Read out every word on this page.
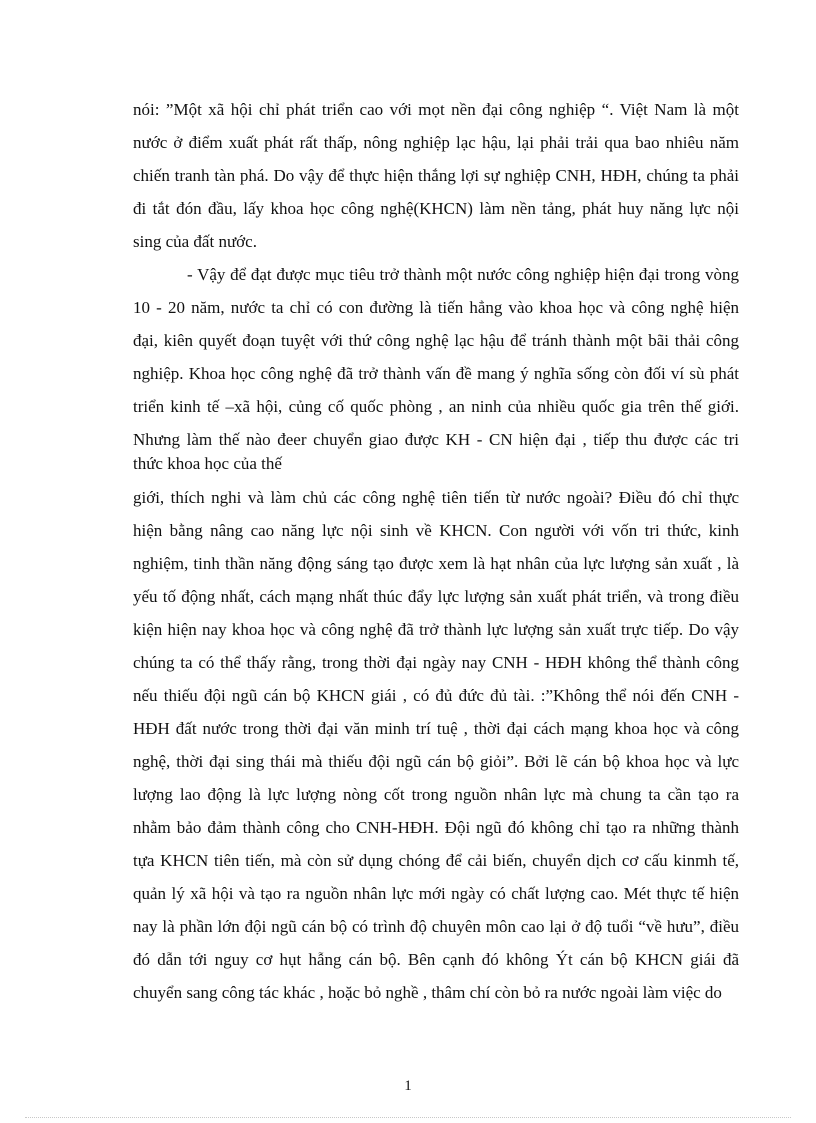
nói: ”Một xã hội chỉ phát triển cao với mọt nền đại công nghiệp “. Việt Nam là một
nước ở điểm xuất phát rất thấp, nông nghiệp lạc hậu, lại phải trải qua bao nhiêu năm
chiến tranh tàn phá. Do vậy để thực hiện thắng lợi sự nghiệp CNH, HĐH, chúng ta phải
đi tắt đón đầu, lấy khoa học công nghệ(KHCN) làm nền tảng, phát huy năng lực nội
sing của đất nước.
- Vậy để đạt được mục tiêu trở thành một nước công nghiệp hiện đại trong vòng
10 - 20 năm, nước ta chỉ có con đường là tiến hẳng vào khoa học và công nghệ hiện
đại, kiên quyết đoạn tuyệt với thứ công nghệ lạc hậu để tránh thành một bãi thải công
nghiệp. Khoa học công nghệ đã trở thành vấn đề mang ý nghĩa sống còn đối ví sù phát
triển kinh tế –xã hội, củng cố quốc phòng , an ninh của nhiều quốc gia trên thế giới.
Nhưng làm thế nào đeer chuyển giao được KH - CN hiện đại , tiếp thu được các tri
thức khoa học của thế
giới, thích nghi và làm chủ các công nghệ tiên tiến từ nước ngoài? Điều đó chỉ thực
hiện bằng nâng cao năng lực nội sinh về KHCN. Con người với vốn tri thức, kinh
nghiệm, tinh thần năng động sáng tạo được xem là hạt nhân của lực lượng sản xuất , là
yếu tố động nhất, cách mạng nhất thúc đẩy lực lượng sản xuất phát triển, và trong điều
kiện hiện nay khoa học và công nghệ đã trở thành lực lượng sản xuất trực tiếp. Do vậy
chúng ta có thể thấy rằng, trong thời đại ngày nay CNH - HĐH không thể thành công
nếu thiếu đội ngũ cán bộ KHCN giái , có đủ đức đủ tài. :”Không thể nói đến CNH -
HĐH đất nước trong thời đại văn minh trí tuệ , thời đại cách mạng khoa học và công
nghệ, thời đại sing thái mà thiếu đội ngũ cán bộ giỏi”. Bởi lẽ cán bộ khoa học và lực
lượng lao động là lực lượng nòng cốt trong nguồn nhân lực mà chung ta cần tạo ra
nhằm bảo đảm thành công cho CNH-HĐH. Đội ngũ đó không chỉ tạo ra những thành
tựa KHCN tiên tiến, mà còn sử dụng chóng để cải biến, chuyển dịch cơ cấu kinmh tế,
quản lý xã hội và tạo ra nguồn nhân lực mới ngày có chất lượng cao. Mét thực tế hiện
nay là phần lớn đội ngũ cán bộ có trình độ chuyên môn cao lại ở độ tuổi “về hưu”, điều
đó dẫn tới nguy cơ hụt hẫng cán bộ. Bên cạnh đó không Ýt cán bộ KHCN giái đã
chuyển sang công tác khác , hoặc bỏ nghề , thâm chí còn bỏ ra nước ngoài làm việc do
1
